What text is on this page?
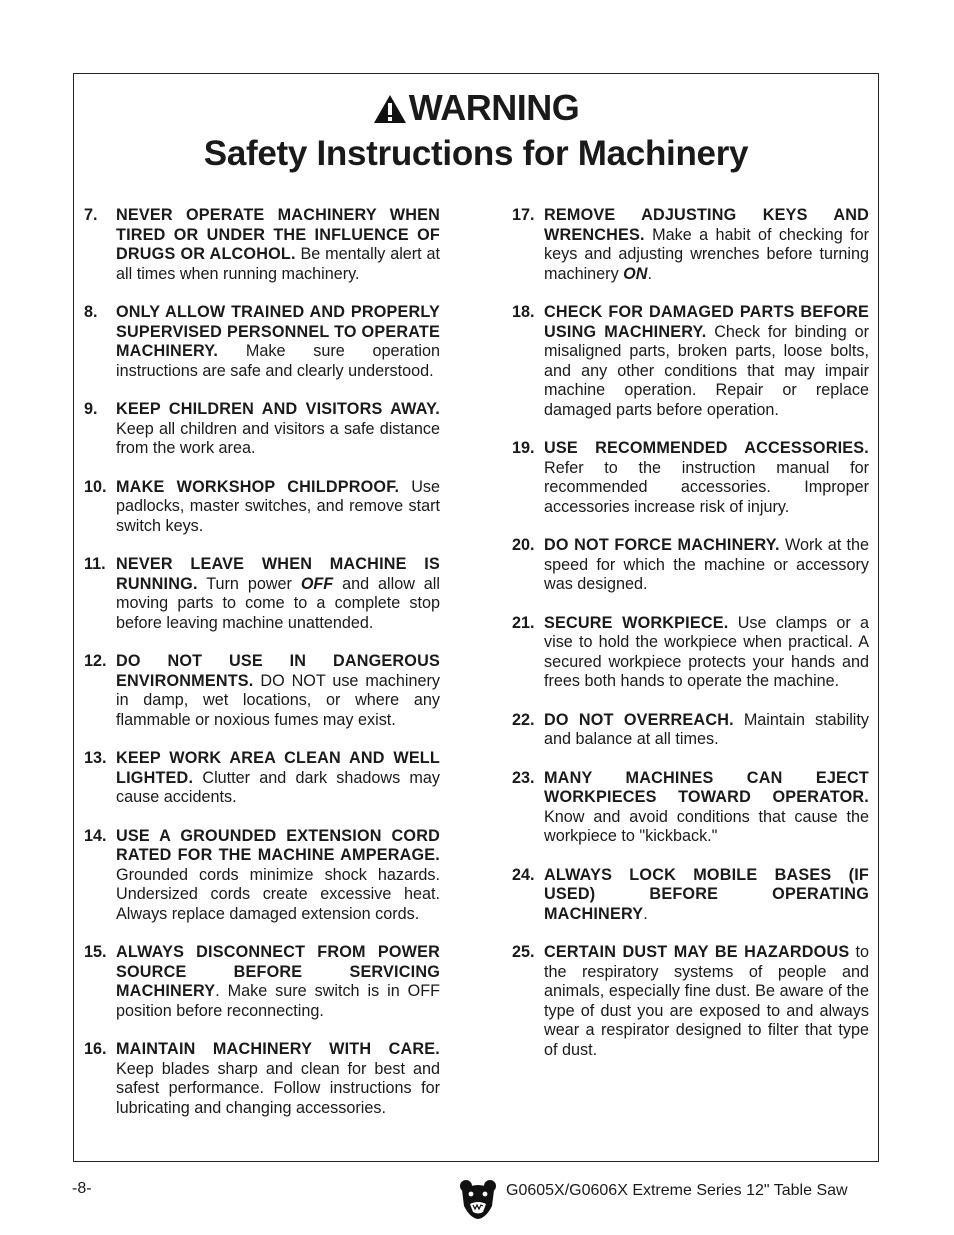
WARNING
Safety Instructions for Machinery
7. NEVER OPERATE MACHINERY WHEN TIRED OR UNDER THE INFLUENCE OF DRUGS OR ALCOHOL. Be mentally alert at all times when running machinery.
8. ONLY ALLOW TRAINED AND PROPERLY SUPERVISED PERSONNEL TO OPERATE MACHINERY. Make sure operation instructions are safe and clearly understood.
9. KEEP CHILDREN AND VISITORS AWAY. Keep all children and visitors a safe distance from the work area.
10. MAKE WORKSHOP CHILDPROOF. Use padlocks, master switches, and remove start switch keys.
11. NEVER LEAVE WHEN MACHINE IS RUNNING. Turn power OFF and allow all moving parts to come to a complete stop before leaving machine unattended.
12. DO NOT USE IN DANGEROUS ENVIRONMENTS. DO NOT use machinery in damp, wet locations, or where any flammable or noxious fumes may exist.
13. KEEP WORK AREA CLEAN AND WELL LIGHTED. Clutter and dark shadows may cause accidents.
14. USE A GROUNDED EXTENSION CORD RATED FOR THE MACHINE AMPERAGE. Grounded cords minimize shock hazards. Undersized cords create excessive heat. Always replace damaged extension cords.
15. ALWAYS DISCONNECT FROM POWER SOURCE BEFORE SERVICING MACHINERY. Make sure switch is in OFF position before reconnecting.
16. MAINTAIN MACHINERY WITH CARE. Keep blades sharp and clean for best and safest performance. Follow instructions for lubricating and changing accessories.
17. REMOVE ADJUSTING KEYS AND WRENCHES. Make a habit of checking for keys and adjusting wrenches before turning machinery ON.
18. CHECK FOR DAMAGED PARTS BEFORE USING MACHINERY. Check for binding or misaligned parts, broken parts, loose bolts, and any other conditions that may impair machine operation. Repair or replace damaged parts before operation.
19. USE RECOMMENDED ACCESSORIES. Refer to the instruction manual for recommended accessories. Improper accessories increase risk of injury.
20. DO NOT FORCE MACHINERY. Work at the speed for which the machine or accessory was designed.
21. SECURE WORKPIECE. Use clamps or a vise to hold the workpiece when practical. A secured workpiece protects your hands and frees both hands to operate the machine.
22. DO NOT OVERREACH. Maintain stability and balance at all times.
23. MANY MACHINES CAN EJECT WORKPIECES TOWARD OPERATOR. Know and avoid conditions that cause the workpiece to "kickback."
24. ALWAYS LOCK MOBILE BASES (IF USED) BEFORE OPERATING MACHINERY.
25. CERTAIN DUST MAY BE HAZARDOUS to the respiratory systems of people and animals, especially fine dust. Be aware of the type of dust you are exposed to and always wear a respirator designed to filter that type of dust.
-8-	G0605X/G0606X Extreme Series 12" Table Saw
